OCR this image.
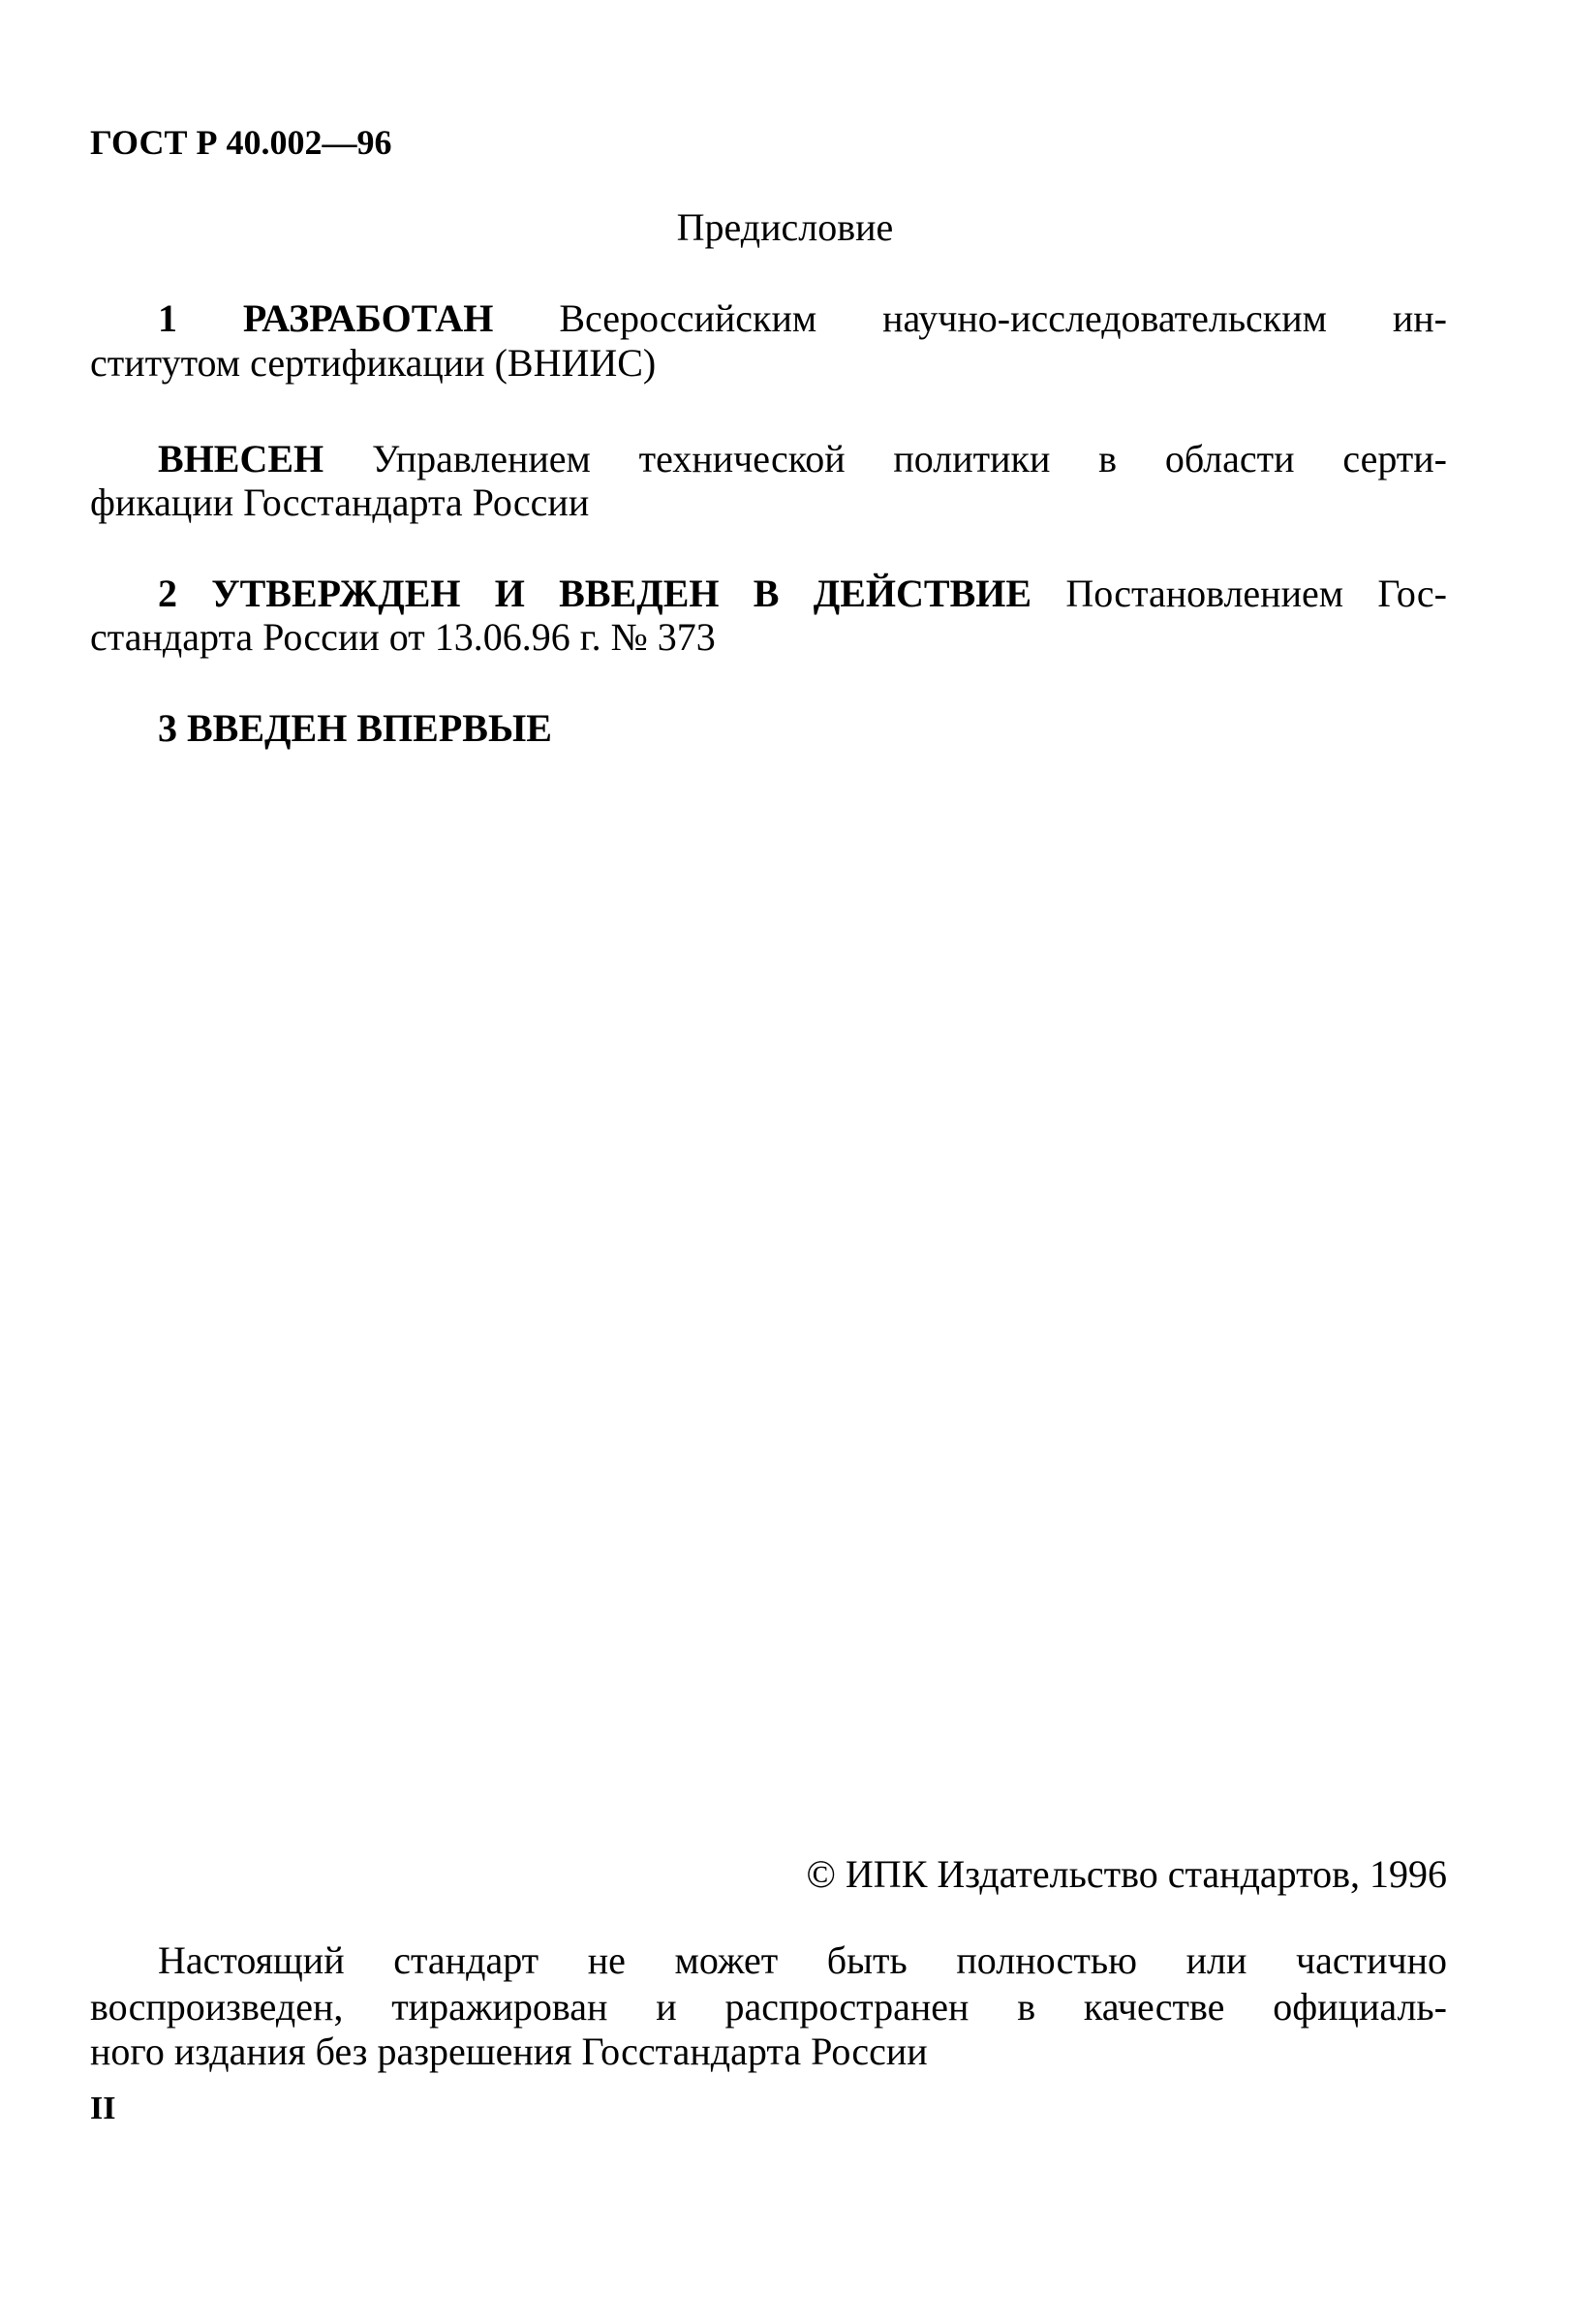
ГОСТ Р 40.002—96
Предисловие
1 РАЗРАБОТАН Всероссийским научно-исследовательским ин-
ститутом сертификации (ВНИИС)
ВНЕСЕН Управлением технической политики в области серти-
фикации Госстандарта России
2 УТВЕРЖДЕН И ВВЕДЕН В ДЕЙСТВИЕ Постановлением Гос-
стандарта России от 13.06.96 г. № 373
3 ВВЕДЕН ВПЕРВЫЕ
© ИПК Издательство стандартов, 1996
Настоящий стандарт не может быть полностью или частично
воспроизведен, тиражирован и распространен в качестве официаль-
ного издания без разрешения Госстандарта России
II
